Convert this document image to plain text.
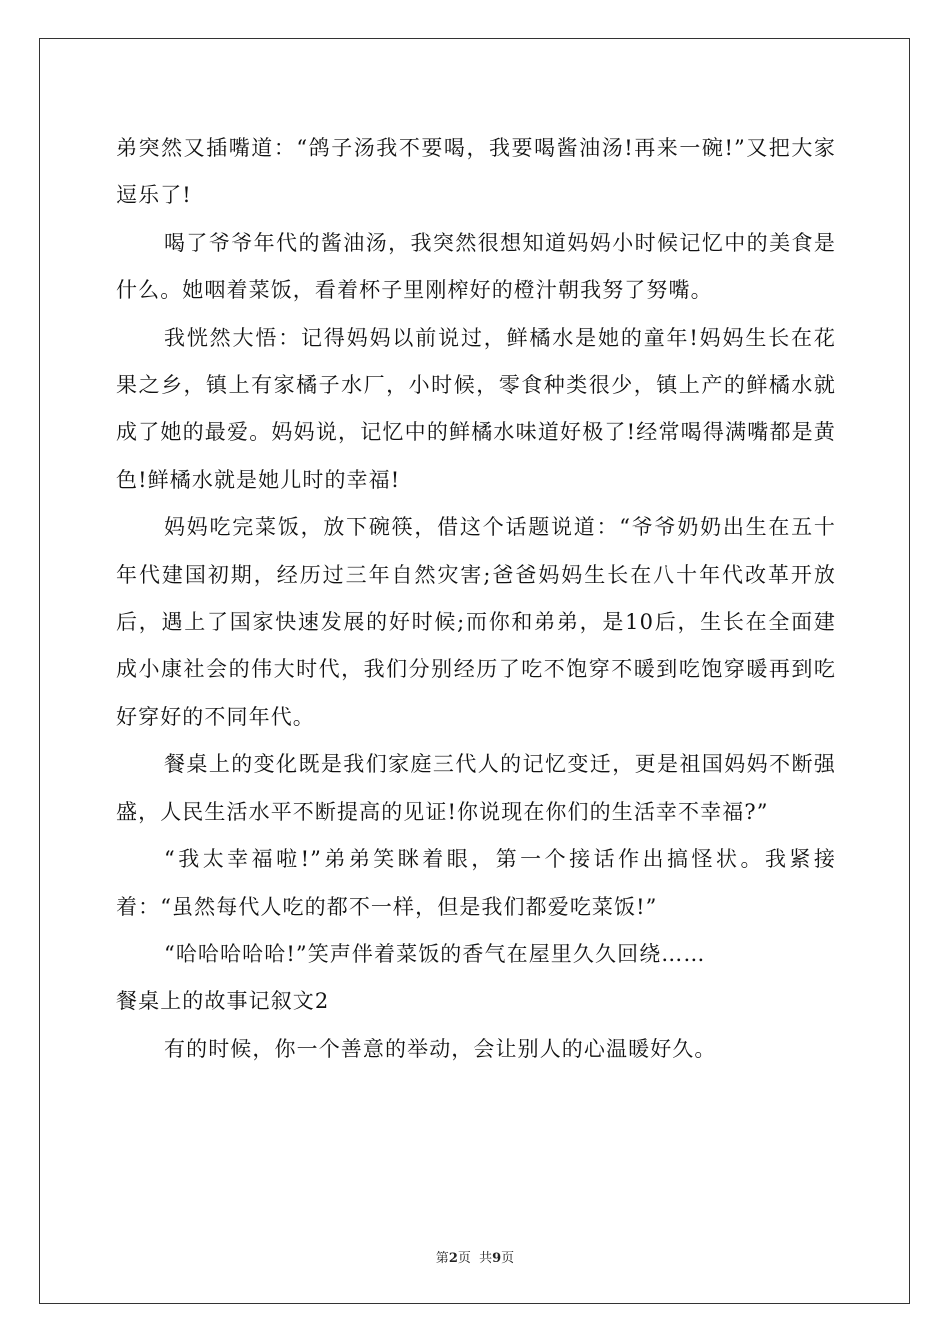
弟突然又插嘴道：“鸽子汤我不要喝，我要喝酱油汤!再来一碗!”又把大家逗乐了!

喝了爷爷年代的酱油汤，我突然很想知道妈妈小时候记忆中的美食是什么。她咽着菜饭，看着杯子里刚榨好的橙汁朝我努了努嘴。

我恍然大悟：记得妈妈以前说过，鲜橘水是她的童年!妈妈生长在花果之乡，镇上有家橘子水厂，小时候，零食种类很少，镇上产的鲜橘水就成了她的最爱。妈妈说，记忆中的鲜橘水味道好极了!经常喝得满嘴都是黄色!鲜橘水就是她儿时的幸福!

妈妈吃完菜饭，放下碗筷，借这个话题说道：“爷爷奶奶出生在五十年代建国初期，经历过三年自然灾害;爸爸妈妈生长在八十年代改革开放后，遇上了国家快速发展的好时候;而你和弟弟，是10后，生长在全面建成小康社会的伟大时代，我们分别经历了吃不饱穿不暖到吃饱穿暖再到吃好穿好的不同年代。

餐桌上的变化既是我们家庭三代人的记忆变迁，更是祖国妈妈不断强盛，人民生活水平不断提高的见证!你说现在你们的生活幸不幸福?”

“我太幸福啦!”弟弟笑眯着眼，第一个接话作出搞怪状。我紧接着：“虽然每代人吃的都不一样，但是我们都爱吃菜饭!”

“哈哈哈哈哈!”笑声伴着菜饭的香气在屋里久久回绕……

餐桌上的故事记叙文2

有的时候，你一个善意的举动，会让别人的心温暖好久。

第2页  共9页
